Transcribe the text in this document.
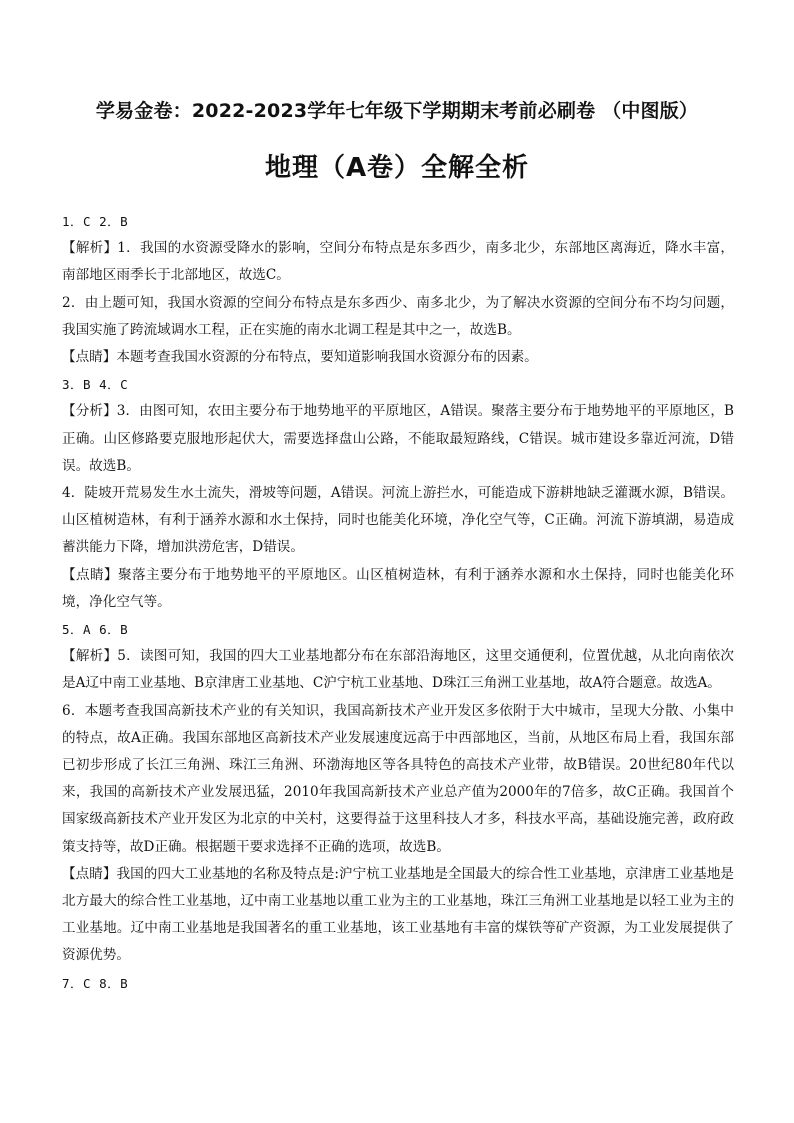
学易金卷：2022-2023学年七年级下学期期末考前必刷卷 （中图版）
地理（A卷）全解全析

1．C 2．B

【解析】1．我国的水资源受降水的影响，空间分布特点是东多西少，南多北少，东部地区离海近，降水丰富，南部地区雨季长于北部地区，故选C。

2．由上题可知，我国水资源的空间分布特点是东多西少、南多北少，为了解决水资源的空间分布不均匀问题，我国实施了跨流域调水工程，正在实施的南水北调工程是其中之一，故选B。

【点睛】本题考查我国水资源的分布特点，要知道影响我国水资源分布的因素。

3．B 4．C

【分析】3．由图可知，农田主要分布于地势地平的平原地区，A错误。聚落主要分布于地势地平的平原地区，B正确。山区修路要克服地形起伏大，需要选择盘山公路，不能取最短路线，C错误。城市建设多靠近河流，D错误。故选B。

4．陡坡开荒易发生水土流失，滑坡等问题，A错误。河流上游拦水，可能造成下游耕地缺乏灌溉水源，B错误。山区植树造林，有利于涵养水源和水土保持，同时也能美化环境，净化空气等，C正确。河流下游填湖，易造成蓄洪能力下降，增加洪涝危害，D错误。

【点睛】聚落主要分布于地势地平的平原地区。山区植树造林，有利于涵养水源和水土保持，同时也能美化环境，净化空气等。

5．A 6．B

【解析】5．读图可知，我国的四大工业基地都分布在东部沿海地区，这里交通便利，位置优越，从北向南依次是A辽中南工业基地、B京津唐工业基地、C沪宁杭工业基地、D珠江三角洲工业基地，故A符合题意。故选A。

6．本题考查我国高新技术产业的有关知识，我国高新技术产业开发区多依附于大中城市，呈现大分散、小集中的特点，故A正确。我国东部地区高新技术产业发展速度远高于中西部地区，当前，从地区布局上看，我国东部已初步形成了长江三角洲、珠江三角洲、环渤海地区等各具特色的高技术产业带，故B错误。20世纪80年代以来，我国的高新技术产业发展迅猛，2010年我国高新技术产业总产值为2000年的7倍多，故C正确。我国首个国家级高新技术产业开发区为北京的中关村，这要得益于这里科技人才多，科技水平高，基础设施完善，政府政策支持等，故D正确。根据题干要求选择不正确的选项，故选B。

【点睛】我国的四大工业基地的名称及特点是:沪宁杭工业基地是全国最大的综合性工业基地，京津唐工业基地是北方最大的综合性工业基地，辽中南工业基地以重工业为主的工业基地，珠江三角洲工业基地是以轻工业为主的工业基地。辽中南工业基地是我国著名的重工业基地，该工业基地有丰富的煤铁等矿产资源，为工业发展提供了资源优势。

7．C 8．B
